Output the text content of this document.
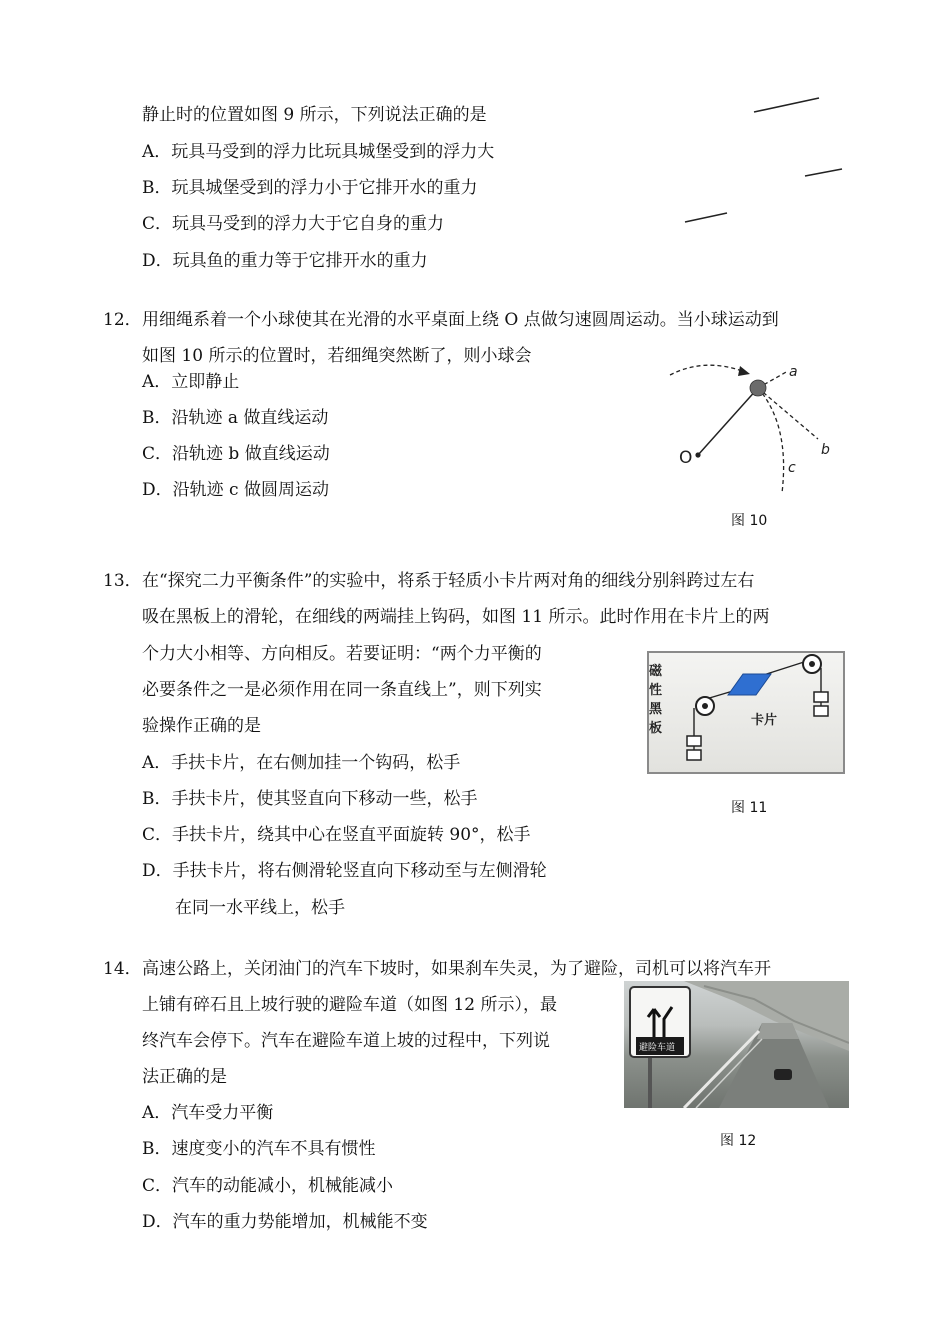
静止时的位置如图 9 所示，下列说法正确的是
A．玩具马受到的浮力比玩具城堡受到的浮力大
B．玩具城堡受到的浮力小于它排开水的重力
C．玩具马受到的浮力大于它自身的重力
D．玩具鱼的重力等于它排开水的重力
12． 用细绳系着一个小球使其在光滑的水平桌面上绕 O 点做匀速圆周运动。当小球运动到
如图 10 所示的位置时，若细绳突然断了，则小球会
A．立即静止
B．沿轨迹 a 做直线运动
C．沿轨迹 b 做直线运动
D．沿轨迹 c 做圆周运动
O
a
b
c
图 10
13． 在“探究二力平衡条件”的实验中，将系于轻质小卡片两对角的细线分别斜跨过左右
吸在黑板上的滑轮，在细线的两端挂上钩码，如图 11 所示。此时作用在卡片上的两
个力大小相等、方向相反。若要证明：“两个力平衡的
必要条件之一是必须作用在同一条直线上”，则下列实
验操作正确的是
A．手扶卡片，在右侧加挂一个钩码，松手
B．手扶卡片，使其竖直向下移动一些，松手
C．手扶卡片，绕其中心在竖直平面旋转 90°，松手
D．手扶卡片，将右侧滑轮竖直向下移动至与左侧滑轮
在同一水平线上，松手
磁
性
黑
板
卡片
图 11
14． 高速公路上，关闭油门的汽车下坡时，如果刹车失灵，为了避险，司机可以将汽车开
上铺有碎石且上坡行驶的避险车道（如图 12 所示），最
终汽车会停下。汽车在避险车道上坡的过程中，下列说
法正确的是
A．汽车受力平衡
B．速度变小的汽车不具有惯性
C．汽车的动能减小，机械能减小
D．汽车的重力势能增加，机械能不变
避险车道
图 12
